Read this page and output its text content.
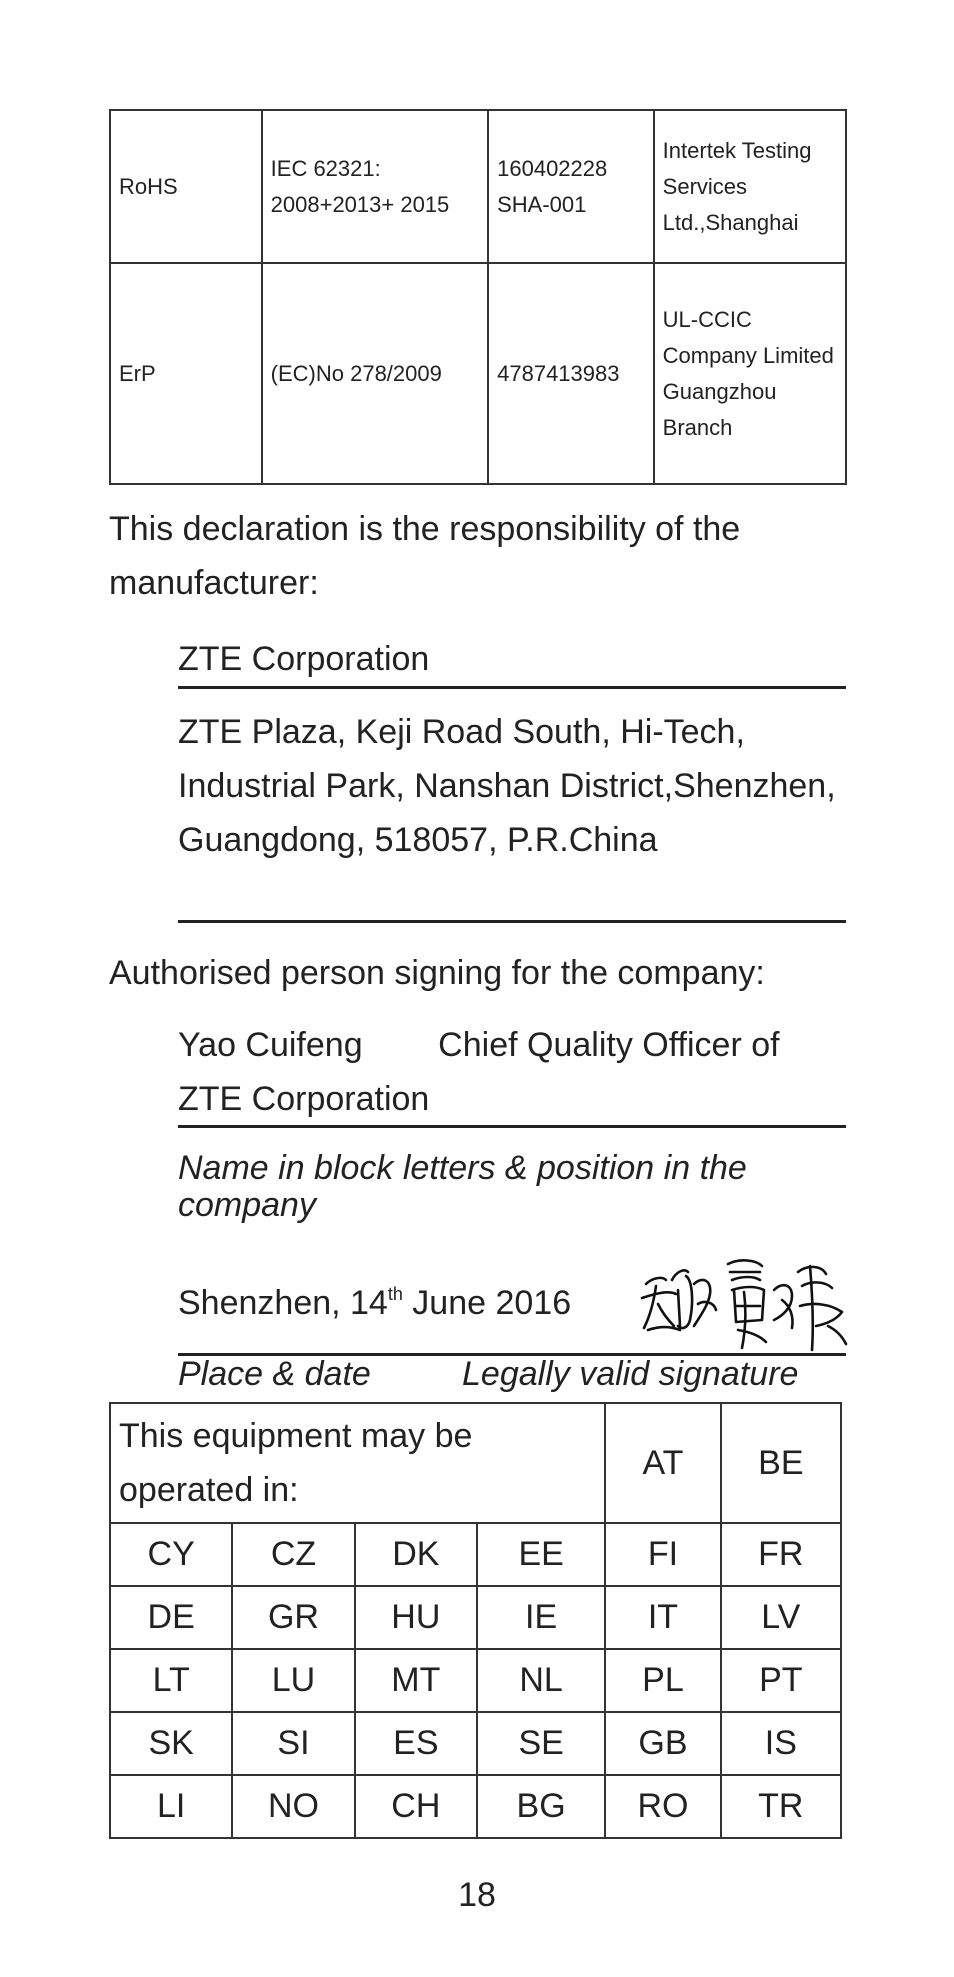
RoHS	IEC 62321: 2008+2013+ 2015	160402228 SHA-001	Intertek Testing Services Ltd.,Shanghai
ErP	(EC)No 278/2009	4787413983	UL-CCIC Company Limited Guangzhou Branch
This declaration is the responsibility of the manufacturer:
ZTE Corporation
ZTE Plaza, Keji Road South, Hi-Tech, Industrial Park, Nanshan District,Shenzhen, Guangdong, 518057, P.R.China
Authorised person signing for the company:
Yao Cuifeng        Chief Quality Officer of ZTE Corporation
Name in block letters & position in the company
Shenzhen, 14th June 2016
Place & date	Legally valid signature
This equipment may be operated in:				AT	BE
CY	CZ	DK	EE	FI	FR
DE	GR	HU	IE	IT	LV
LT	LU	MT	NL	PL	PT
SK	SI	ES	SE	GB	IS
LI	NO	CH	BG	RO	TR
18
